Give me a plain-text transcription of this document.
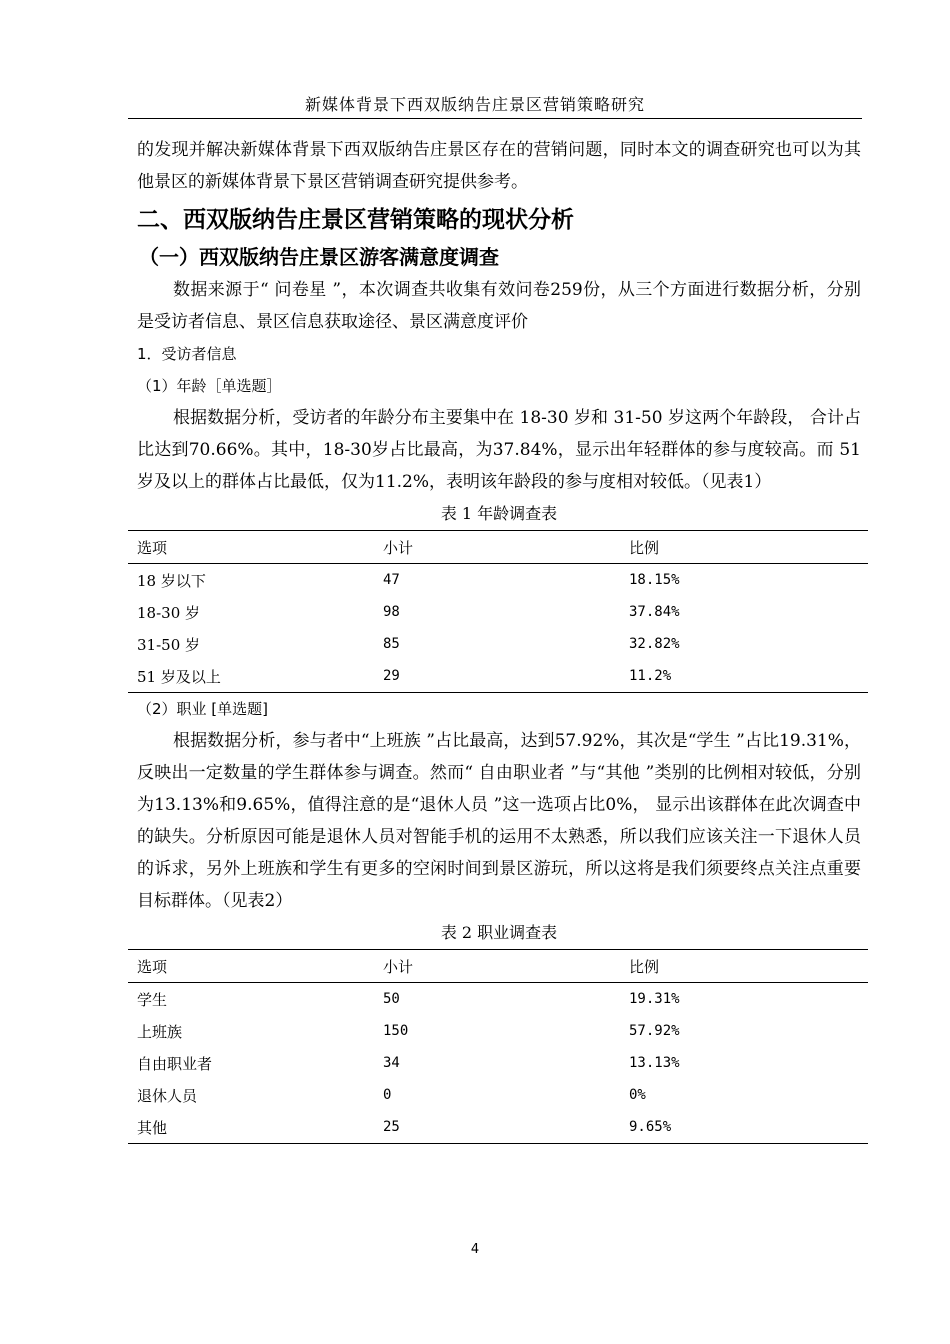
新媒体背景下西双版纳告庄景区营销策略研究

的发现并解决新媒体背景下西双版纳告庄景区存在的营销问题，同时本文的调查研究也可以为其他景区的新媒体背景下景区营销调查研究提供参考。

二、西双版纳告庄景区营销策略的现状分析
（一）西双版纳告庄景区游客满意度调查

数据来源于“ 问卷星 ”，本次调查共收集有效问卷259份，从三个方面进行数据分析，分别是受访者信息、景区信息获取途径、景区满意度评价

1．受访者信息
（1）年龄［单选题］

根据数据分析，受访者的年龄分布主要集中在 18-30 岁和 31-50 岁这两个年龄段， 合计占比达到70.66%。其中，18-30岁占比最高，为37.84%，显示出年轻群体的参与度较高。而 51 岁及以上的群体占比最低，仅为11.2%，表明该年龄段的参与度相对较低。（见表1）

表 1 年龄调查表

选项	小计	比例
18 岁以下	47	18.15%
18-30 岁	98	37.84%
31-50 岁	85	32.82%
51 岁及以上	29	11.2%
（2）职业 [单选题]

根据数据分析，参与者中“上班族 ”占比最高，达到57.92%，其次是“学生 ”占比19.31%，反映出一定数量的学生群体参与调查。然而“ 自由职业者 ”与“其他 ”类别的比例相对较低，分别为13.13%和9.65%，值得注意的是“退休人员 ”这一选项占比0%， 显示出该群体在此次调查中的缺失。分析原因可能是退休人员对智能手机的运用不太熟悉，所以我们应该关注一下退休人员的诉求，另外上班族和学生有更多的空闲时间到景区游玩，所以这将是我们须要终点关注点重要目标群体。（见表2）

表 2 职业调查表

选项	小计	比例
学生	50	19.31%
上班族	150	57.92%
自由职业者	34	13.13%
退休人员	0	0%
其他	25	9.65%
4
